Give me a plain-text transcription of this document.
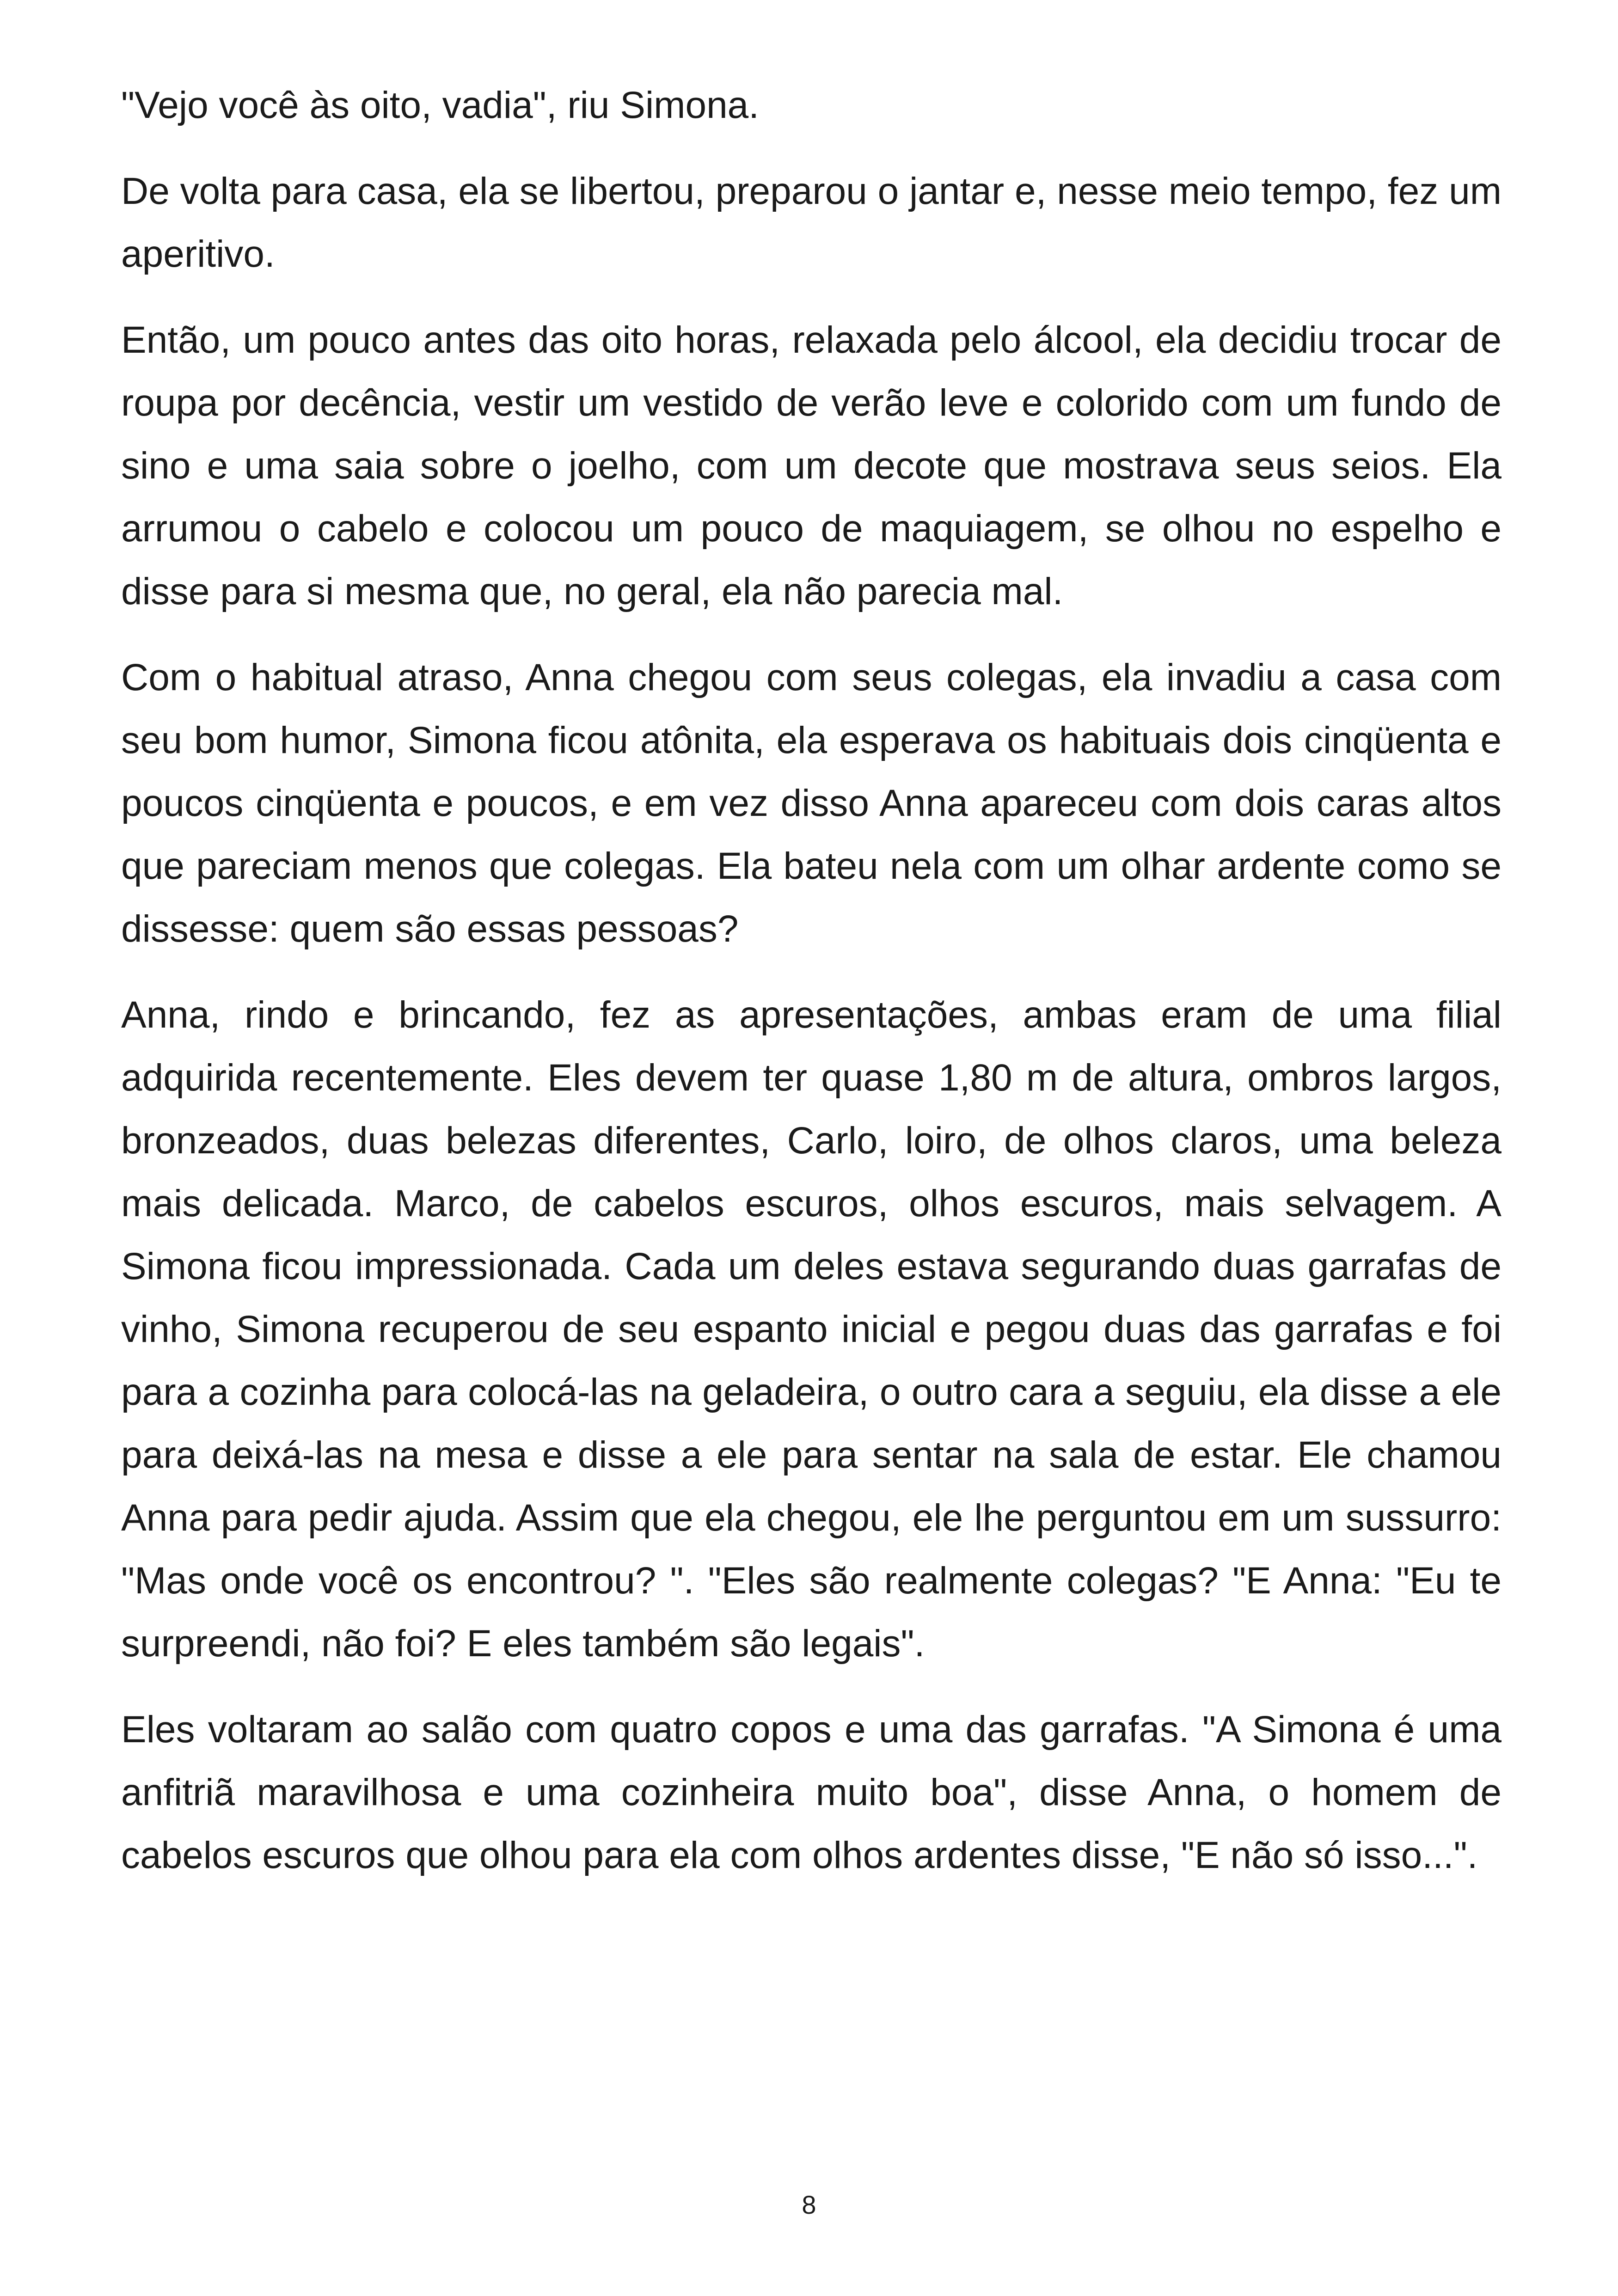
"Vejo você às oito, vadia", riu Simona.

De volta para casa, ela se libertou, preparou o jantar e, nesse meio tempo, fez um aperitivo.

Então, um pouco antes das oito horas, relaxada pelo álcool, ela decidiu trocar de roupa por decência, vestir um vestido de verão leve e colorido com um fundo de sino e uma saia sobre o joelho, com um decote que mostrava seus seios. Ela arrumou o cabelo e colocou um pouco de maquiagem, se olhou no espelho e disse para si mesma que, no geral, ela não parecia mal.

Com o habitual atraso, Anna chegou com seus colegas, ela invadiu a casa com seu bom humor, Simona ficou atônita, ela esperava os habituais dois cinqüenta e poucos cinqüenta e poucos, e em vez disso Anna apareceu com dois caras altos que pareciam menos que colegas. Ela bateu nela com um olhar ardente como se dissesse: quem são essas pessoas?

Anna, rindo e brincando, fez as apresentações, ambas eram de uma filial adquirida recentemente. Eles devem ter quase 1,80 m de altura, ombros largos, bronzeados, duas belezas diferentes, Carlo, loiro, de olhos claros, uma beleza mais delicada. Marco, de cabelos escuros, olhos escuros, mais selvagem. A Simona ficou impressionada. Cada um deles estava segurando duas garrafas de vinho, Simona recuperou de seu espanto inicial e pegou duas das garrafas e foi para a cozinha para colocá-las na geladeira, o outro cara a seguiu, ela disse a ele para deixá-las na mesa e disse a ele para sentar na sala de estar. Ele chamou Anna para pedir ajuda. Assim que ela chegou, ele lhe perguntou em um sussurro: "Mas onde você os encontrou? ". "Eles são realmente colegas? "E Anna: "Eu te surpreendi, não foi? E eles também são legais".

Eles voltaram ao salão com quatro copos e uma das garrafas. "A Simona é uma anfitriã maravilhosa e uma cozinheira muito boa", disse Anna, o homem de cabelos escuros que olhou para ela com olhos ardentes disse, "E não só isso...".

8
